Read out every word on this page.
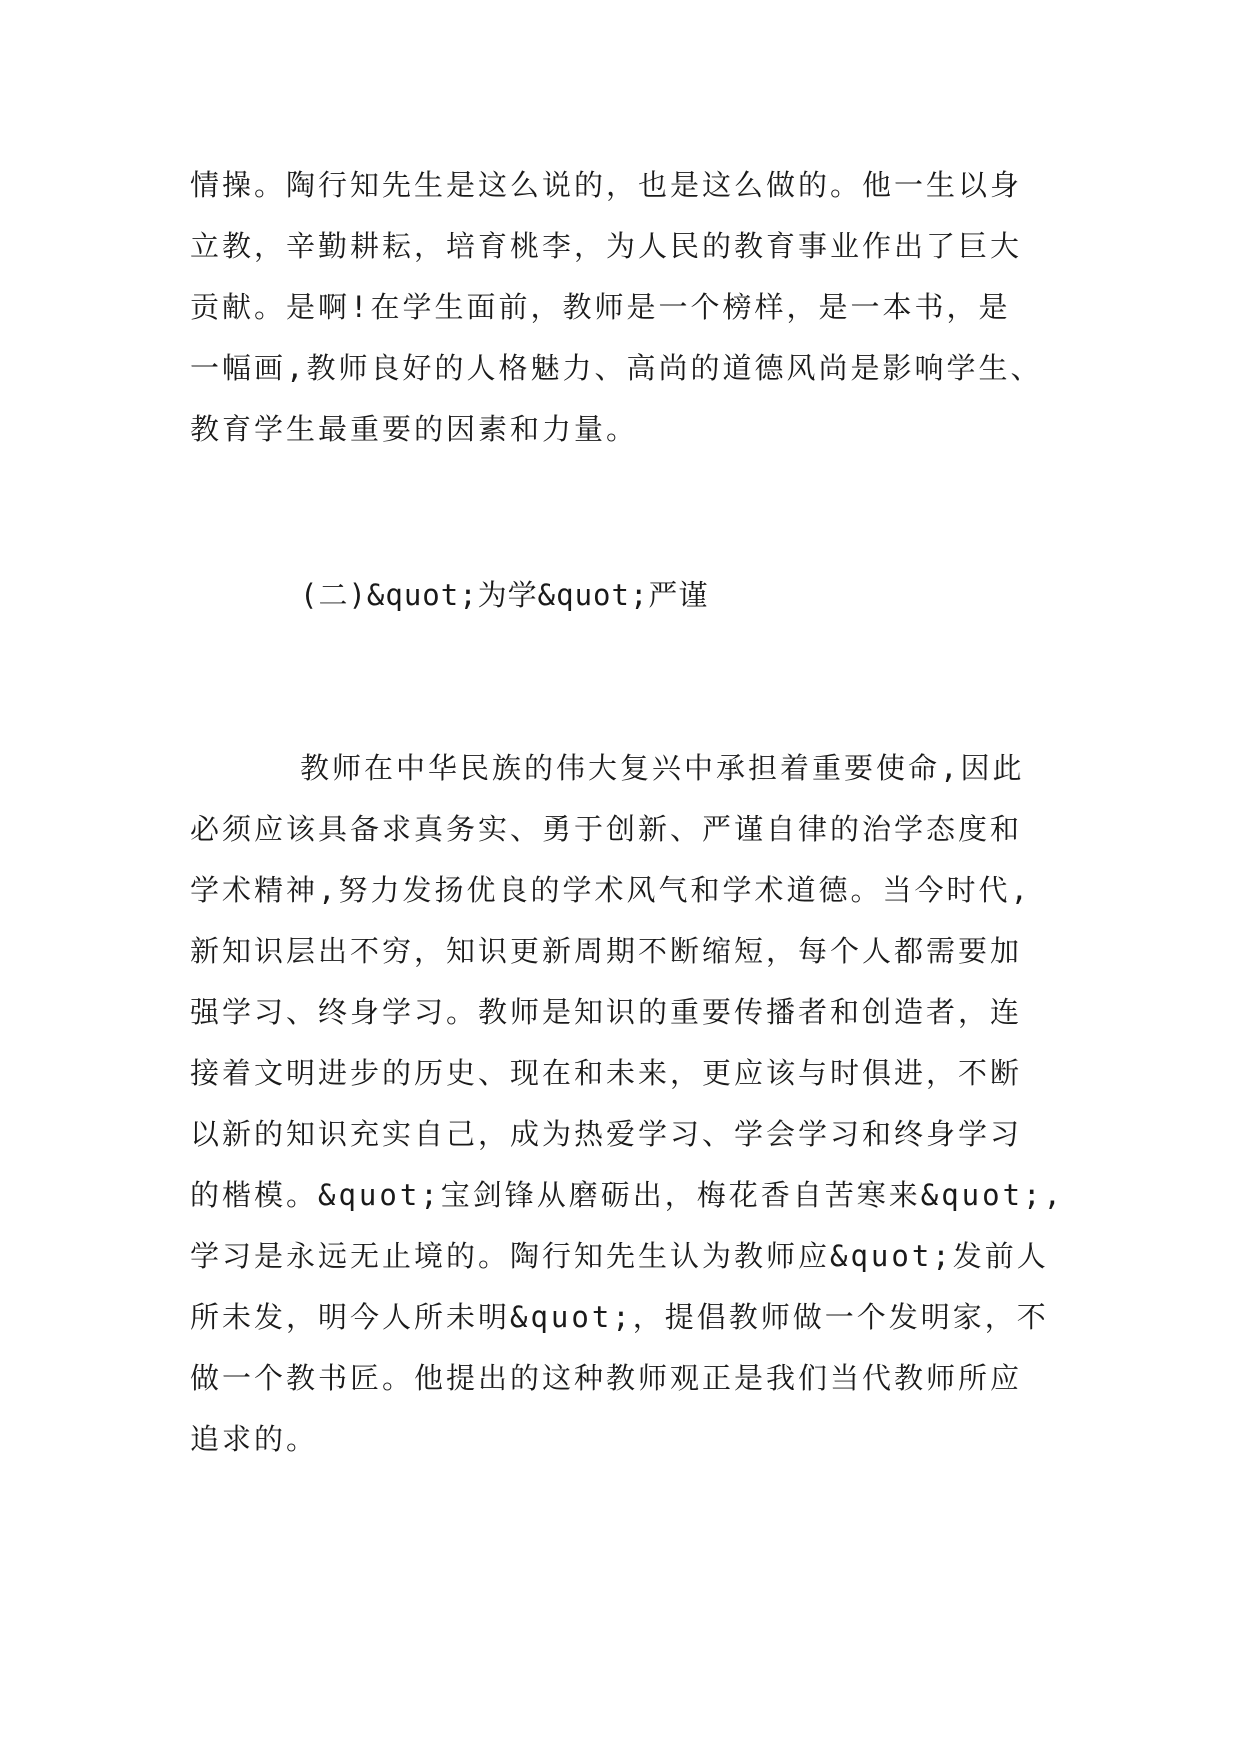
情操。陶行知先生是这么说的，也是这么做的。他一生以身
立教，辛勤耕耘，培育桃李，为人民的教育事业作出了巨大
贡献。是啊!在学生面前，教师是一个榜样，是一本书，是
一幅画,教师良好的人格魅力、高尚的道德风尚是影响学生、
教育学生最重要的因素和力量。
(二)&quot;为学&quot;严谨
教师在中华民族的伟大复兴中承担着重要使命,因此
必须应该具备求真务实、勇于创新、严谨自律的治学态度和
学术精神,努力发扬优良的学术风气和学术道德。当今时代,
新知识层出不穷，知识更新周期不断缩短，每个人都需要加
强学习、终身学习。教师是知识的重要传播者和创造者，连
接着文明进步的历史、现在和未来，更应该与时俱进，不断
以新的知识充实自己，成为热爱学习、学会学习和终身学习
的楷模。&quot;宝剑锋从磨砺出，梅花香自苦寒来&quot;,
学习是永远无止境的。陶行知先生认为教师应&quot;发前人
所未发，明今人所未明&quot;，提倡教师做一个发明家，不
做一个教书匠。他提出的这种教师观正是我们当代教师所应
追求的。
